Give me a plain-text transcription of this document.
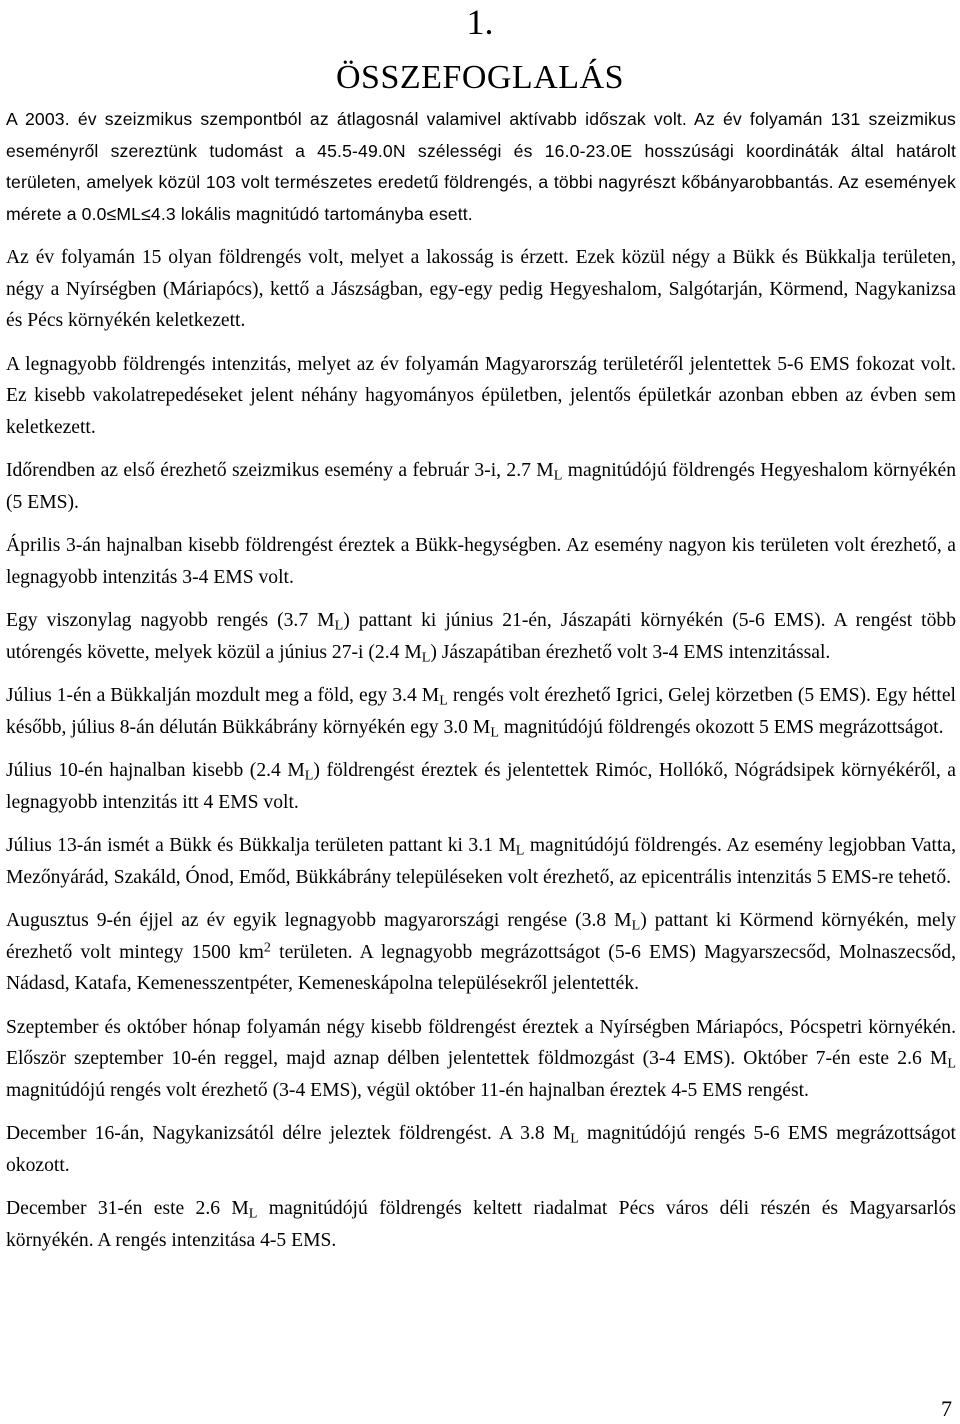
1.
ÖSSZEFOGLALÁS

A 2003. év szeizmikus szempontból az átlagosnál valamivel aktívabb időszak volt. Az év folyamán 131 szeizmikus eseményről szereztünk tudomást a 45.5-49.0N szélességi és 16.0-23.0E hosszúsági koordináták által határolt területen, amelyek közül 103 volt természetes eredetű földrengés, a többi nagyrészt kőbányarobbantás. Az események mérete a 0.0≤ML≤4.3 lokális magnitúdó tartományba esett.

Az év folyamán 15 olyan földrengés volt, melyet a lakosság is érzett. Ezek közül négy a Bükk és Bükkalja területen, négy a Nyírségben (Máriapócs), kettő a Jászságban, egy-egy pedig Hegyeshalom, Salgótarján, Körmend, Nagykanizsa és Pécs környékén keletkezett.

A legnagyobb földrengés intenzitás, melyet az év folyamán Magyarország területéről jelentettek 5-6 EMS fokozat volt. Ez kisebb vakolatrepedéseket jelent néhány hagyományos épületben, jelentős épületkár azonban ebben az évben sem keletkezett.

Időrendben az első érezhető szeizmikus esemény a február 3-i, 2.7 $M_L$ magnitúdójú földrengés Hegyeshalom környékén (5 EMS).

Április 3-án hajnalban kisebb földrengést éreztek a Bükk-hegységben. Az esemény nagyon kis területen volt érezhető, a legnagyobb intenzitás 3-4 EMS volt.

Egy viszonylag nagyobb rengés (3.7 $M_L$) pattant ki június 21-én, Jászapáti környékén (5-6 EMS). A rengést több utórengés követte, melyek közül a június 27-i (2.4 $M_L$) Jászapátiban érezhető volt 3-4 EMS intenzitással.

Július 1-én a Bükkalján mozdult meg a föld, egy 3.4 $M_L$ rengés volt érezhető Igrici, Gelej körzetben (5 EMS). Egy héttel később, július 8-án délután Bükkábrány környékén egy 3.0 $M_L$ magnitúdójú földrengés okozott 5 EMS megrázottságot.

Július 10-én hajnalban kisebb (2.4 $M_L$) földrengést éreztek és jelentettek Rimóc, Hollókő, Nógrádsipek környékéről, a legnagyobb intenzitás itt 4 EMS volt.

Július 13-án ismét a Bükk és Bükkalja területen pattant ki 3.1 $M_L$ magnitúdójú földrengés. Az esemény legjobban Vatta, Mezőnyárád, Szakáld, Ónod, Emőd, Bükkábrány településeken volt érezhető, az epicentrális intenzitás 5 EMS-re tehető.

Augusztus 9-én éjjel az év egyik legnagyobb magyarországi rengése (3.8 $M_L$) pattant ki Körmend környékén, mely érezhető volt mintegy 1500 $km^2$ területen. A legnagyobb megrázottságot (5-6 EMS) Magyarszecsőd, Molnaszecsőd, Nádasd, Katafa, Kemenesszentpéter, Kemeneskápolna településekről jelentették.

Szeptember és október hónap folyamán négy kisebb földrengést éreztek a Nyírségben Máriapócs, Pócspetri környékén. Először szeptember 10-én reggel, majd aznap délben jelentettek földmozgást (3-4 EMS). Október 7-én este 2.6 $M_L$ magnitúdójú rengés volt érezhető (3-4 EMS), végül október 11-én hajnalban éreztek 4-5 EMS rengést.

December 16-án, Nagykanizsától délre jeleztek földrengést. A 3.8 $M_L$ magnitúdójú rengés 5-6 EMS megrázottságot okozott.

December 31-én este 2.6 $M_L$ magnitúdójú földrengés keltett riadalmat Pécs város déli részén és Magyarsarlós környékén. A rengés intenzitása 4-5 EMS.

7
